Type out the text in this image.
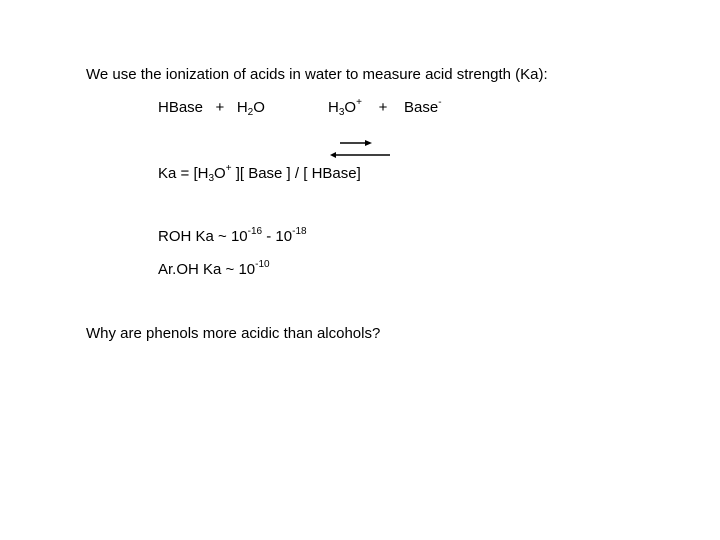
We use the ionization of acids in water to measure acid strength (Ka):
HBase + $H_2O$	$H_3O^+$ + Base-
$Ka = [H_3O^+$ ][ Base ] / [ HBase]
ROH Ka ~ $10^{-16} - 10^{-18}$
Ar.OH Ka ~ $10^{-10}$
Why are phenols more acidic than alcohols?
